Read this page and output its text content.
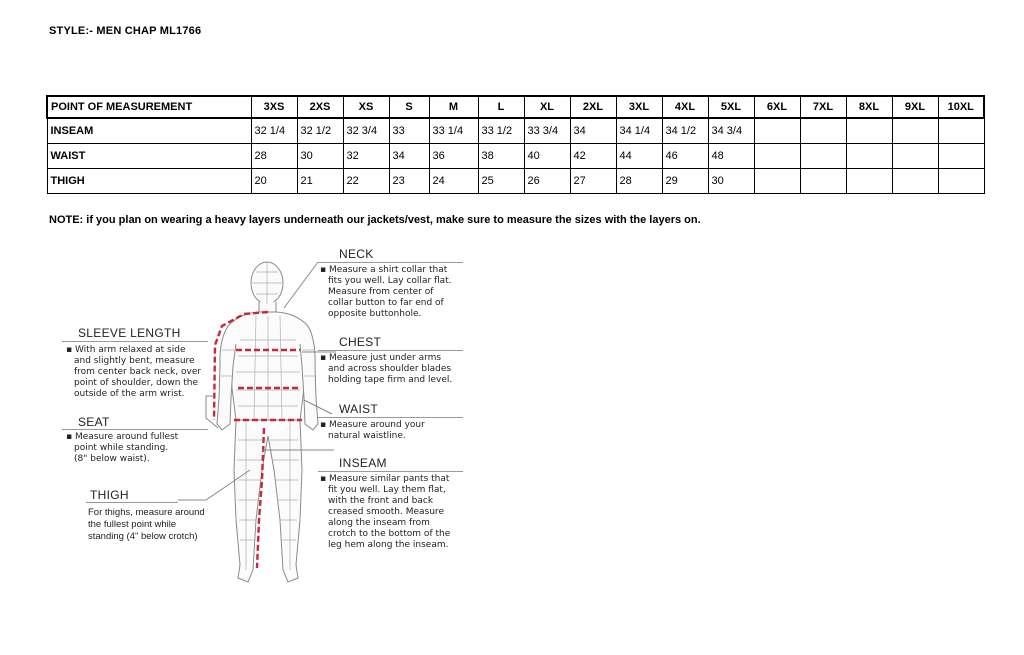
STYLE:- MEN CHAP ML1766
POINT OF MEASUREMENT	3XS	2XS	XS	S	M	L	XL	2XL	3XL	4XL	5XL	6XL	7XL	8XL	9XL	10XL
INSEAM	32 1/4	32 1/2	32 3/4	33	33 1/4	33 1/2	33 3/4	34	34 1/4	34 1/2	34 3/4					
WAIST	28	30	32	34	36	38	40	42	44	46	48					
THIGH	20	21	22	23	24	25	26	27	28	29	30					
NOTE: if you plan on wearing a heavy layers underneath our jackets/vest, make sure to measure the sizes with the layers on.
NECK
▪ Measure a shirt collar that
fits you well. Lay collar flat.
Measure from center of
collar button to far end of
opposite buttonhole.
CHEST
▪ Measure just under arms
and across shoulder blades
holding tape firm and level.
WAIST
▪ Measure around your
natural waistline.
INSEAM
▪ Measure similar pants that
fit you well. Lay them flat,
with the front and back
creased smooth. Measure
along the inseam from
crotch to the bottom of the
leg hem along the inseam.
SLEEVE LENGTH
▪ With arm relaxed at side
and slightly bent, measure
from center back neck, over
point of shoulder, down the
outside of the arm wrist.
SEAT
▪ Measure around fullest
point while standing.
(8" below waist).
THIGH
For thighs, measure around
the fullest point while
standing (4" below crotch)
